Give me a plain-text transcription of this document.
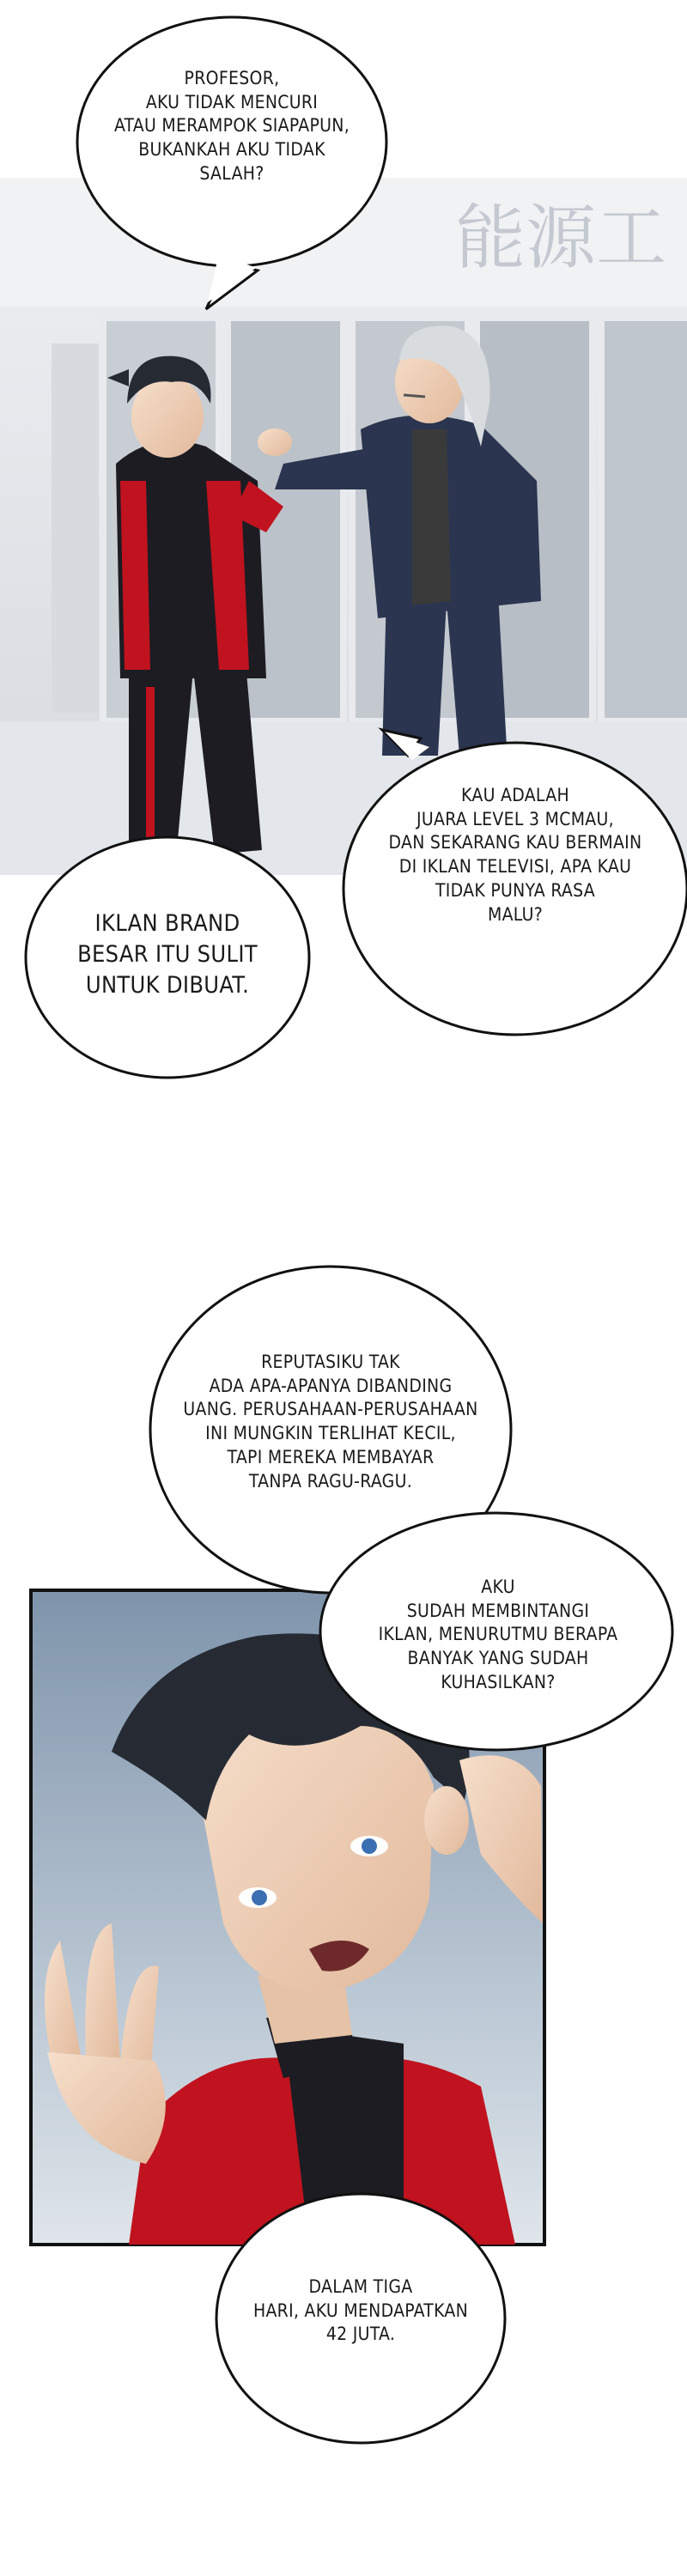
能源工
PROFESOR,
AKU TIDAK MENCURI
ATAU MERAMPOK SIAPAPUN,
BUKANKAH AKU TIDAK
SALAH?
KAU ADALAH
JUARA LEVEL 3 MCMAU,
DAN SEKARANG KAU BERMAIN
DI IKLAN TELEVISI, APA KAU
TIDAK PUNYA RASA
MALU?
IKLAN BRAND
BESAR ITU SULIT
UNTUK DIBUAT.
REPUTASIKU TAK
ADA APA-APANYA DIBANDING
UANG. PERUSAHAAN-PERUSAHAAN
INI MUNGKIN TERLIHAT KECIL,
TAPI MEREKA MEMBAYAR
TANPA RAGU-RAGU.
AKU
SUDAH MEMBINTANGI
IKLAN, MENURUTMU BERAPA
BANYAK YANG SUDAH
KUHASILKAN?
DALAM TIGA
HARI, AKU MENDAPATKAN
42 JUTA.
